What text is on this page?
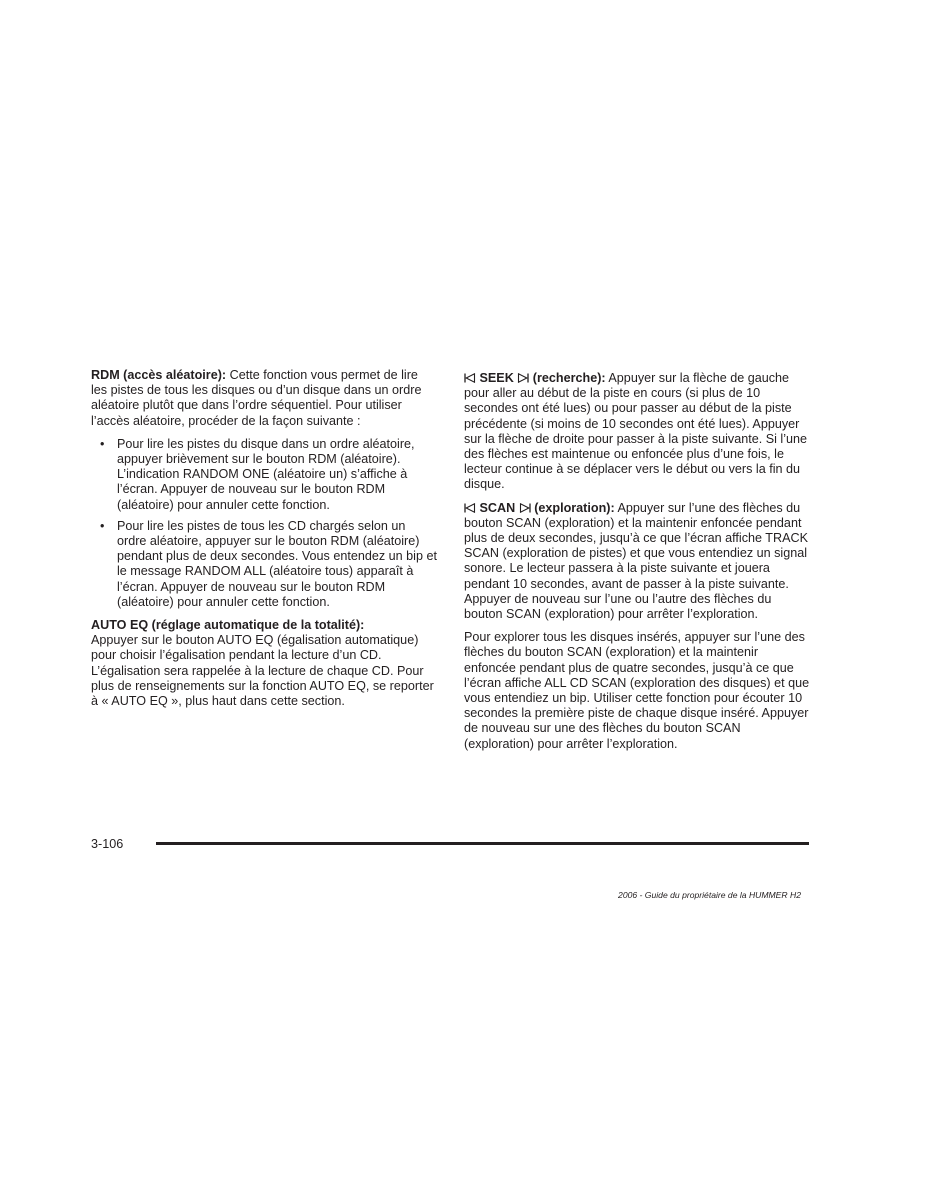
RDM (accès aléatoire): Cette fonction vous permet de lire les pistes de tous les disques ou d’un disque dans un ordre aléatoire plutôt que dans l’ordre séquentiel. Pour utiliser l’accès aléatoire, procéder de la façon suivante :

• Pour lire les pistes du disque dans un ordre aléatoire, appuyer brièvement sur le bouton RDM (aléatoire). L’indication RANDOM ONE (aléatoire un) s’affiche à l’écran. Appuyer de nouveau sur le bouton RDM (aléatoire) pour annuler cette fonction.
• Pour lire les pistes de tous les CD chargés selon un ordre aléatoire, appuyer sur le bouton RDM (aléatoire) pendant plus de deux secondes. Vous entendez un bip et le message RANDOM ALL (aléatoire tous) apparaît à l’écran. Appuyer de nouveau sur le bouton RDM (aléatoire) pour annuler cette fonction.

AUTO EQ (réglage automatique de la totalité):
Appuyer sur le bouton AUTO EQ (égalisation automatique) pour choisir l’égalisation pendant la lecture d’un CD. L’égalisation sera rappelée à la lecture de chaque CD. Pour plus de renseignements sur la fonction AUTO EQ, se reporter à « AUTO EQ », plus haut dans cette section.

SEEK (recherche): Appuyer sur la flèche de gauche pour aller au début de la piste en cours (si plus de 10 secondes ont été lues) ou pour passer au début de la piste précédente (si moins de 10 secondes ont été lues). Appuyer sur la flèche de droite pour passer à la piste suivante. Si l’une des flèches est maintenue ou enfoncée plus d’une fois, le lecteur continue à se déplacer vers le début ou vers la fin du disque.

SCAN (exploration): Appuyer sur l’une des flèches du bouton SCAN (exploration) et la maintenir enfoncée pendant plus de deux secondes, jusqu’à ce que l’écran affiche TRACK SCAN (exploration de pistes) et que vous entendiez un signal sonore. Le lecteur passera à la piste suivante et jouera pendant 10 secondes, avant de passer à la piste suivante. Appuyer de nouveau sur l’une ou l’autre des flèches du bouton SCAN (exploration) pour arrêter l’exploration.

Pour explorer tous les disques insérés, appuyer sur l’une des flèches du bouton SCAN (exploration) et la maintenir enfoncée pendant plus de quatre secondes, jusqu’à ce que l’écran affiche ALL CD SCAN (exploration des disques) et que vous entendiez un bip. Utiliser cette fonction pour écouter 10 secondes la première piste de chaque disque inséré. Appuyer de nouveau sur une des flèches du bouton SCAN (exploration) pour arrêter l’exploration.

3-106
2006 - Guide du propriétaire de la HUMMER H2
